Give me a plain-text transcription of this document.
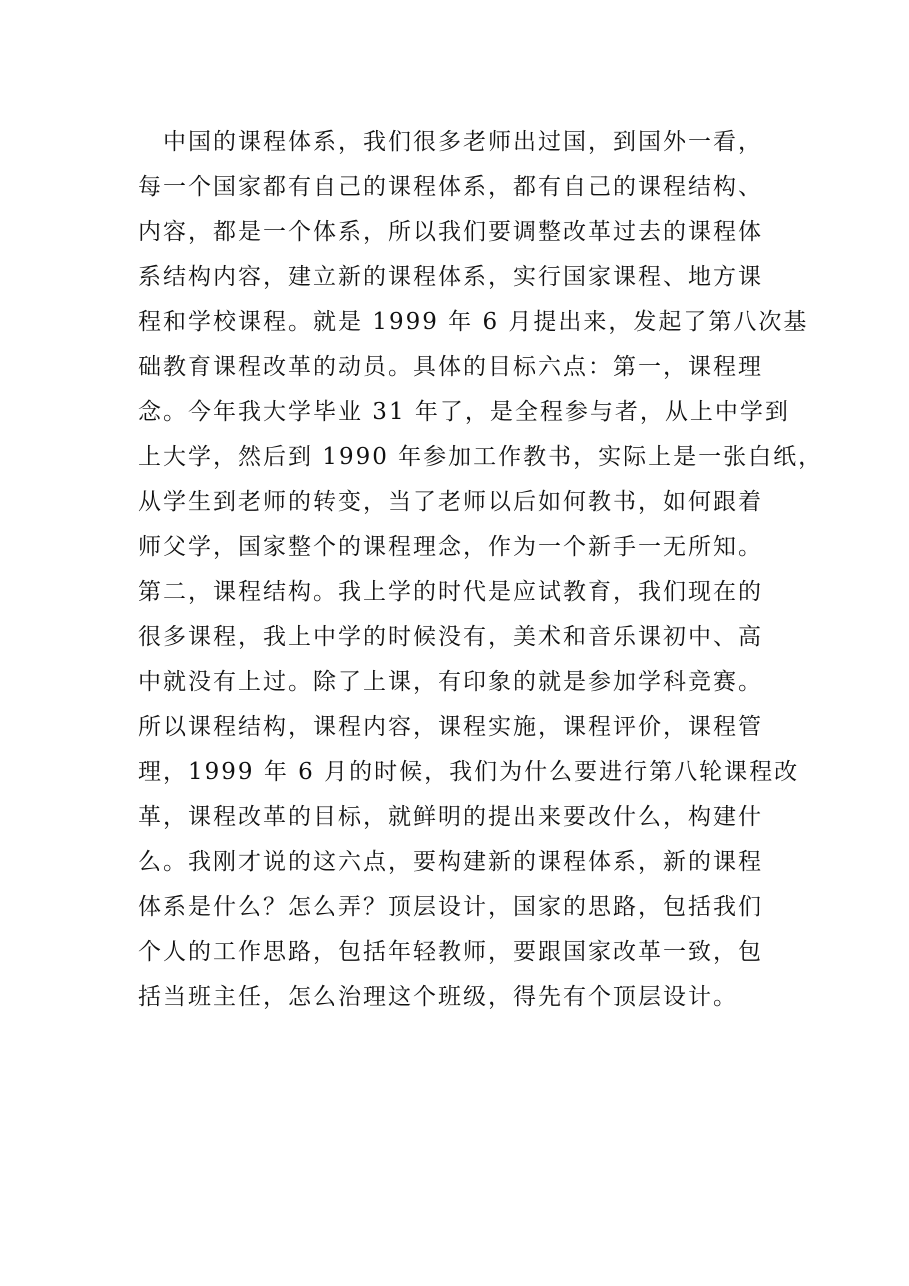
　中国的课程体系，我们很多老师出过国，到国外一看，
每一个国家都有自己的课程体系，都有自己的课程结构、
内容，都是一个体系，所以我们要调整改革过去的课程体
系结构内容，建立新的课程体系，实行国家课程、地方课
程和学校课程。就是 1999 年 6 月提出来，发起了第八次基
础教育课程改革的动员。具体的目标六点：第一，课程理
念。今年我大学毕业 31 年了，是全程参与者，从上中学到
上大学，然后到 1990 年参加工作教书，实际上是一张白纸，
从学生到老师的转变，当了老师以后如何教书，如何跟着
师父学，国家整个的课程理念，作为一个新手一无所知。
第二，课程结构。我上学的时代是应试教育，我们现在的
很多课程，我上中学的时候没有，美术和音乐课初中、高
中就没有上过。除了上课，有印象的就是参加学科竞赛。
所以课程结构，课程内容，课程实施，课程评价，课程管
理，1999 年 6 月的时候，我们为什么要进行第八轮课程改
革，课程改革的目标，就鲜明的提出来要改什么，构建什
么。我刚才说的这六点，要构建新的课程体系，新的课程
体系是什么？怎么弄？顶层设计，国家的思路，包括我们
个人的工作思路，包括年轻教师，要跟国家改革一致，包
括当班主任，怎么治理这个班级，得先有个顶层设计。
